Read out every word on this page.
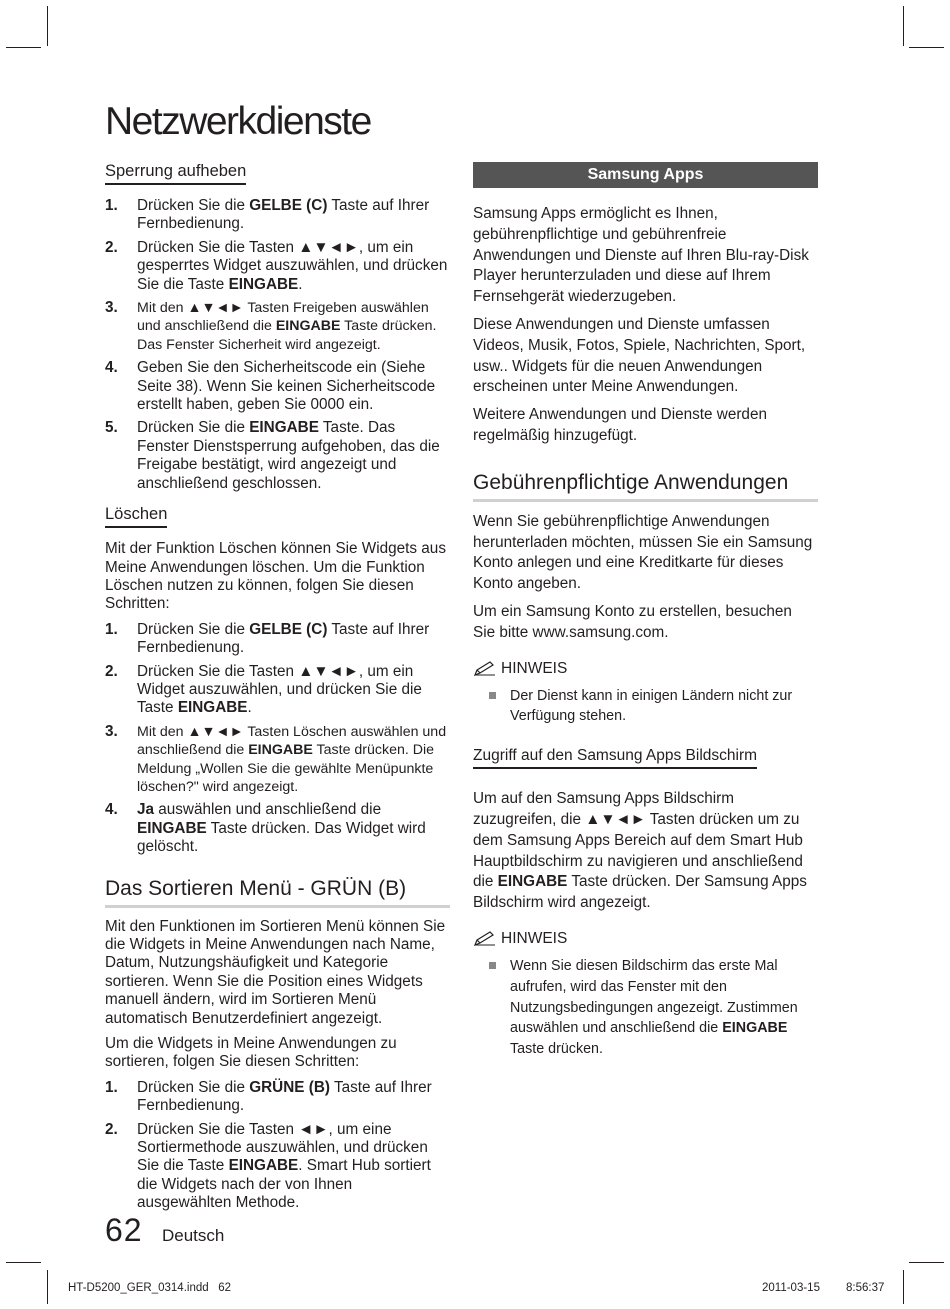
Netzwerkdienste
Sperrung aufheben
1.	Drücken Sie die GELBE (C) Taste auf Ihrer Fernbedienung.
2.	Drücken Sie die Tasten ▲▼◄►, um ein gesperrtes Widget auszuwählen, und drücken Sie die Taste EINGABE.
3.	Mit den ▲▼◄► Tasten Freigeben auswählen und anschließend die EINGABE Taste drücken. Das Fenster Sicherheit wird angezeigt.
4.	Geben Sie den Sicherheitscode ein (Siehe Seite 38). Wenn Sie keinen Sicherheitscode erstellt haben, geben Sie 0000 ein.
5.	Drücken Sie die EINGABE Taste. Das Fenster Dienstsperrung aufgehoben, das die Freigabe bestätigt, wird angezeigt und anschließend geschlossen.
Löschen

Mit der Funktion Löschen können Sie Widgets aus Meine Anwendungen löschen. Um die Funktion Löschen nutzen zu können, folgen Sie diesen Schritten:

1.	Drücken Sie die GELBE (C) Taste auf Ihrer Fernbedienung.
2.	Drücken Sie die Tasten ▲▼◄►, um ein Widget auszuwählen, und drücken Sie die Taste EINGABE.
3.	Mit den ▲▼◄► Tasten Löschen auswählen und anschließend die EINGABE Taste drücken. Die Meldung „Wollen Sie die gewählte Menüpunkte löschen?" wird angezeigt.
4.	Ja auswählen und anschließend die EINGABE Taste drücken. Das Widget wird gelöscht.
Das Sortieren Menü - GRÜN (B)

Mit den Funktionen im Sortieren Menü können Sie die Widgets in Meine Anwendungen nach Name, Datum, Nutzungshäufigkeit und Kategorie sortieren. Wenn Sie die Position eines Widgets manuell ändern, wird im Sortieren Menü automatisch Benutzerdefiniert angezeigt.

Um die Widgets in Meine Anwendungen zu sortieren, folgen Sie diesen Schritten:

1.	Drücken Sie die GRÜNE (B) Taste auf Ihrer Fernbedienung.
2.	Drücken Sie die Tasten ◄►, um eine Sortiermethode auszuwählen, und drücken Sie die Taste EINGABE. Smart Hub sortiert die Widgets nach der von Ihnen ausgewählten Methode.
Samsung Apps

Samsung Apps ermöglicht es Ihnen, gebührenpflichtige und gebührenfreie Anwendungen und Dienste auf Ihren Blu-ray-Disk Player herunterzuladen und diese auf Ihrem Fernsehgerät wiederzugeben.

Diese Anwendungen und Dienste umfassen Videos, Musik, Fotos, Spiele, Nachrichten, Sport, usw.. Widgets für die neuen Anwendungen erscheinen unter Meine Anwendungen.

Weitere Anwendungen und Dienste werden regelmäßig hinzugefügt.

Gebührenpflichtige Anwendungen

Wenn Sie gebührenpflichtige Anwendungen herunterladen möchten, müssen Sie ein Samsung Konto anlegen und eine Kreditkarte für dieses Konto angeben.

Um ein Samsung Konto zu erstellen, besuchen Sie bitte www.samsung.com.

HINWEIS
Der Dienst kann in einigen Ländern nicht zur Verfügung stehen.
Zugriff auf den Samsung Apps Bildschirm

Um auf den Samsung Apps Bildschirm zuzugreifen, die ▲▼◄► Tasten drücken um zu dem Samsung Apps Bereich auf dem Smart Hub Hauptbildschirm zu navigieren und anschließend die EINGABE Taste drücken. Der Samsung Apps Bildschirm wird angezeigt.

HINWEIS
Wenn Sie diesen Bildschirm das erste Mal aufrufen, wird das Fenster mit den Nutzungsbedingungen angezeigt. Zustimmen auswählen und anschließend die EINGABE Taste drücken.
62 Deutsch
HT-D5200_GER_0314.indd   62	2011-03-15 8:56:37
